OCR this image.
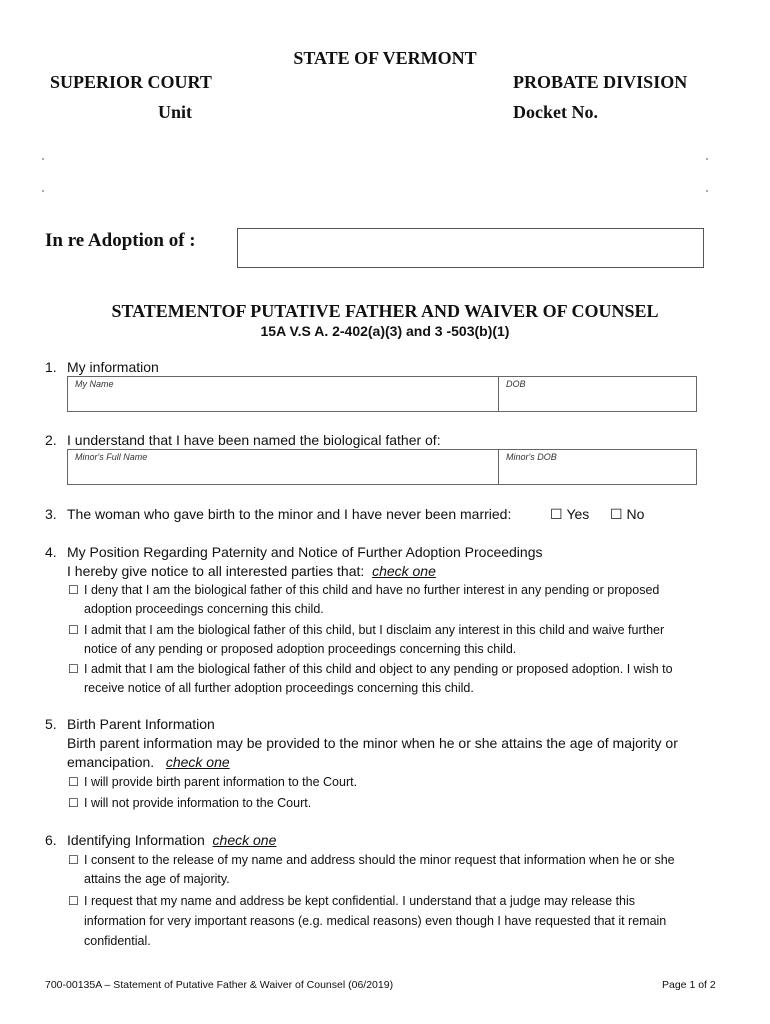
STATE OF VERMONT
SUPERIOR COURT	PROBATE DIVISION
Unit	Docket No.
In re Adoption of :
STATEMENTOF PUTATIVE FATHER AND WAIVER OF COUNSEL
15A V.S A. 2-402(a)(3) and 3 -503(b)(1)
1. My information
My Name	DOB
2. I understand that I have been named the biological father of:
Minor's Full Name	Minor's DOB
3. The woman who gave birth to the minor and I have never been married:	☐ Yes ☐ No
4. My Position Regarding Paternity and Notice of Further Adoption Proceedings
I hereby give notice to all interested parties that: check one
☐ I deny that I am the biological father of this child and have no further interest in any pending or proposed
adoption proceedings concerning this child.
☐ I admit that I am the biological father of this child, but I disclaim any interest in this child and waive further
notice of any pending or proposed adoption proceedings concerning this child.
☐ I admit that I am the biological father of this child and object to any pending or proposed adoption. I wish to
receive notice of all further adoption proceedings concerning this child.
5. Birth Parent Information
Birth parent information may be provided to the minor when he or she attains the age of majority or
emancipation. check one
☐ I will provide birth parent information to the Court.
☐ I will not provide information to the Court.
6. Identifying Information check one
☐ I consent to the release of my name and address should the minor request that information when he or she
attains the age of majority.
☐ I request that my name and address be kept confidential. I understand that a judge may release this
information for very important reasons (e.g. medical reasons) even though I have requested that it remain
confidential.
700-00135A – Statement of Putative Father & Waiver of Counsel (06/2019)	Page 1 of 2
